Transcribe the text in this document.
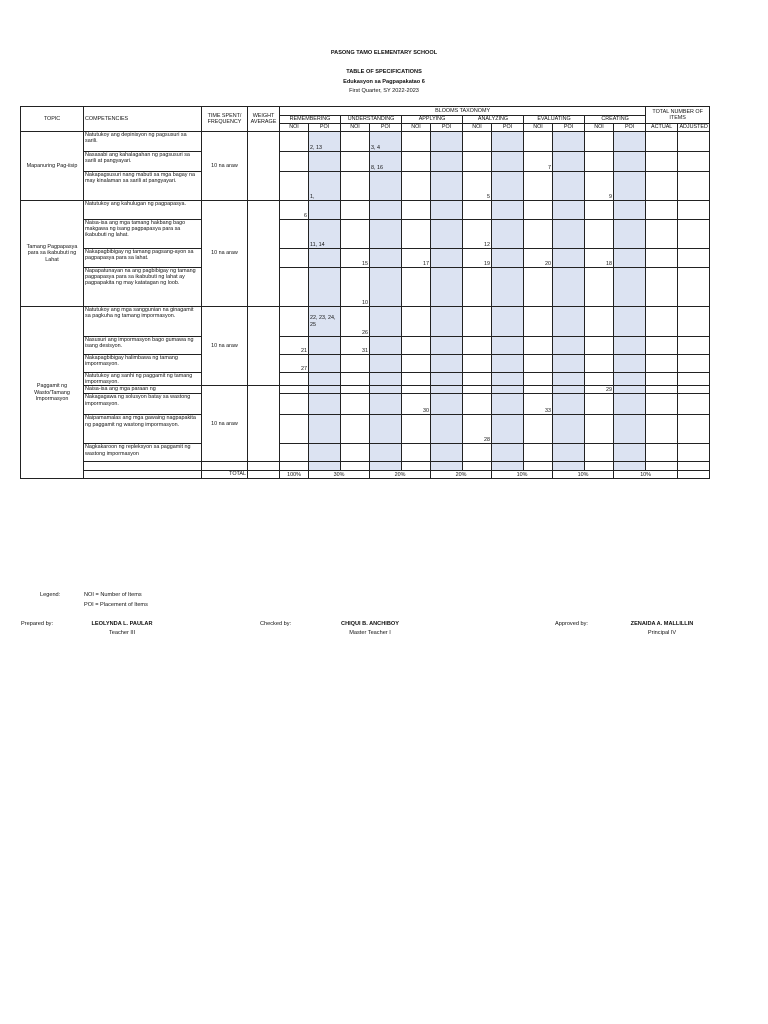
PASONG TAMO ELEMENTARY SCHOOL
TABLE OF SPECIFICATIONS
Edukasyon sa Pagpapakatao 6
First Quarter, SY 2022-2023
TOPIC	COMPETENCIES	TIME SPENT/ FREQUENCY	WEIGHT AVERAGE	BLOOMS TAXONOMY												TOTAL NUMBER OF ITEMS		
				REMEMBERING		UNDERSTANDING		APPLYING		ANALYZING		EVALUATING		CREATING				
				NOI	POI	NOI	POI	NOI	POI	NOI	POI	NOI	POI	NOI	POI	ACTUAL	ADJUSTED	
Mapanuring Pag-iisip	Natutukoy ang depinisyon ng pagsusuri sa sarili.	10 na araw			2, 13		3, 4											
	Nasasabi ang kahalagahan ng pagsusuri sa sarili at pangyayari.						8, 16					7						
	Nakapagsusuri nang mabuti sa mga bagay na may kinalaman sa sarili at pangyayari.				1,					5				9				
Tamang Pagpapasya para sa ikabubuti ng Lahat	Natutukoy ang kahulugan ng pagpapasya.	10 na araw		6														
	Naisa-isa ang mga tamang hakbang bago makgawa ng isang pagpapasya para sa ikabubuti ng lahat.				11, 14					12								
	Nakapagbibigay ng tamang pagsang-ayon sa pagpapasya para sa lahat.					15		17		19		20		18				
	Napapatunayan na ang pagbibigay ng tamang pagpapasya para sa ikabubuti ng lahat ay pagpapakita ng may katatagan ng loob.					10												
Paggamit ng Wasto/Tamang Impormasyon	Natutukoy ang mga sanggunian na ginagamit sa pagkuha ng tamang impormasyon.	10 na araw			22, 23, 24, 25	26												
	Nasusuri ang impormasyon bago gumawa ng isang desisyon.			21		31												
	Nakapagbibigay halimbawa ng tamang impormasyon.			27														
	Natutukoy ang sanhi ng paggamit ng tamang impormasyon.																	
	Naisa-isa ang mga paraan ng	10 na araw												29				
	Nakagagawa ng solusyon batay sa wastong impormasyon.							30				33						
	Naipamamalas ang mga gawaing nagpapakita ng paggamit ng wastong impormasyon.									28								
	Nagkakaroon ng repleksyon sa paggamit ng wastong impormasyon																	

		TOTAL		100%	30%		20%		20%		10%		10%		10%			
Legend:	NOI = Number of Items
POI = Placement of Items
Prepared by:	LEOLYNDA L. PAULAR
Teacher III
Checked by:	CHIQUI B. ANCHIBOY
Master Teacher I
Approved by:	ZENAIDA A. MALLILLIN
Principal IV
